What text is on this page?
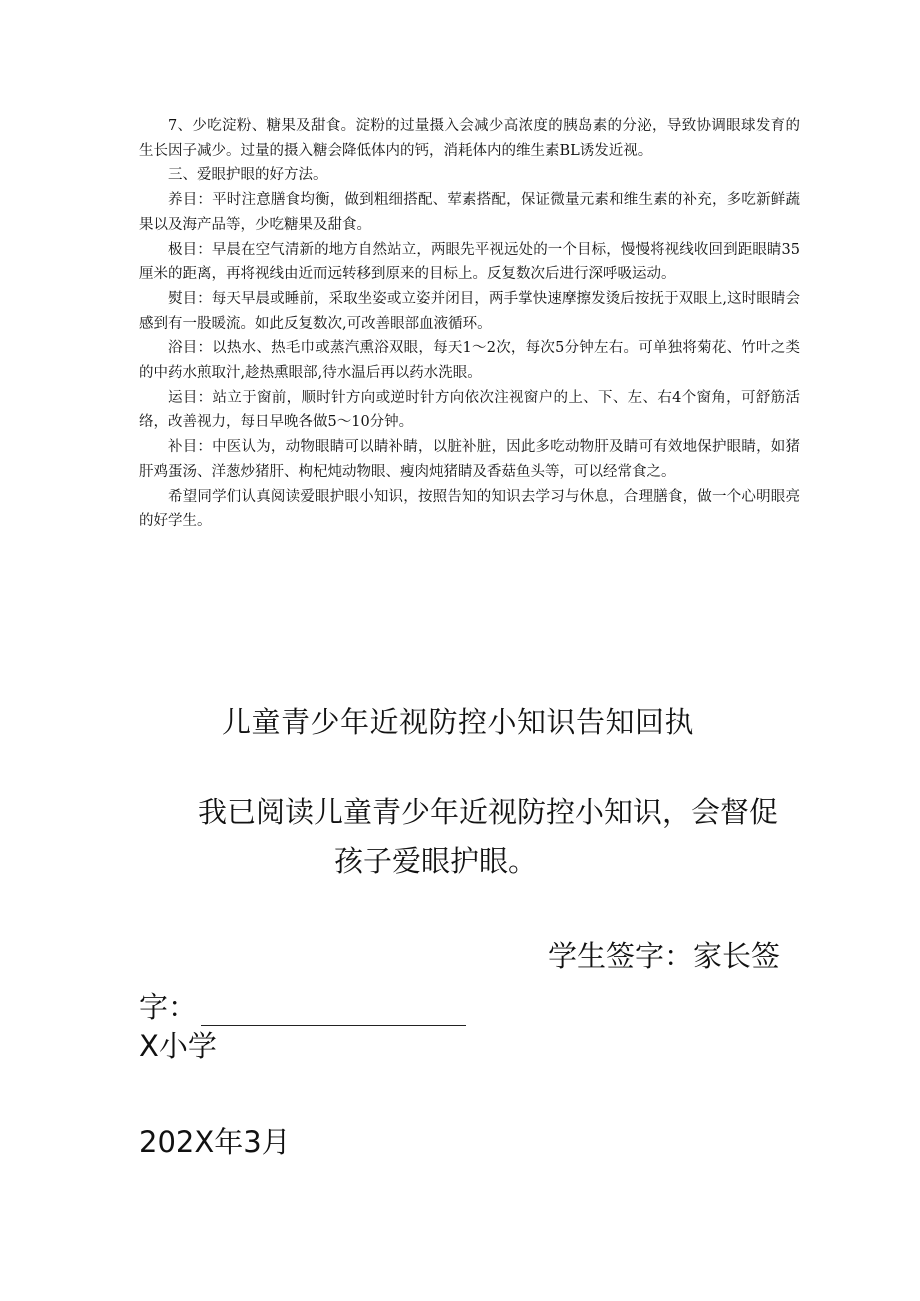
7、少吃淀粉、糖果及甜食。淀粉的过量摄入会减少高浓度的胰岛素的分泌，导致协调眼球发育的生长因子减少。过量的摄入糖会降低体内的钙，消耗体内的维生素BL诱发近视。

三、爱眼护眼的好方法。

养目：平时注意膳食均衡，做到粗细搭配、荤素搭配，保证微量元素和维生素的补充，多吃新鲜蔬果以及海产品等，少吃糖果及甜食。

极目：早晨在空气清新的地方自然站立，两眼先平视远处的一个目标，慢慢将视线收回到距眼睛35厘米的距离，再将视线由近而远转移到原来的目标上。反复数次后进行深呼吸运动。

熨目：每天早晨或睡前，采取坐姿或立姿并闭目，两手掌快速摩擦发烫后按抚于双眼上,这时眼睛会感到有一股暖流。如此反复数次,可改善眼部血液循环。

浴目：以热水、热毛巾或蒸汽熏浴双眼，每天1～2次，每次5分钟左右。可单独将菊花、竹叶之类的中药水煎取汁,趁热熏眼部,待水温后再以药水洗眼。

运目：站立于窗前，顺时针方向或逆时针方向依次注视窗户的上、下、左、右4个窗角，可舒筋活络，改善视力，每日早晚各做5～10分钟。

补目：中医认为，动物眼睛可以睛补睛，以脏补脏，因此多吃动物肝及睛可有效地保护眼睛，如猪肝鸡蛋汤、洋葱炒猪肝、枸杞炖动物眼、瘦肉炖猪睛及香菇鱼头等，可以经常食之。

希望同学们认真阅读爱眼护眼小知识，按照告知的知识去学习与休息，合理膳食，做一个心明眼亮的好学生。

儿童青少年近视防控小知识告知回执
我已阅读儿童青少年近视防控小知识，会督促
孩子爱眼护眼。
学生签字：家长签
字：
X小学
202X年3月
